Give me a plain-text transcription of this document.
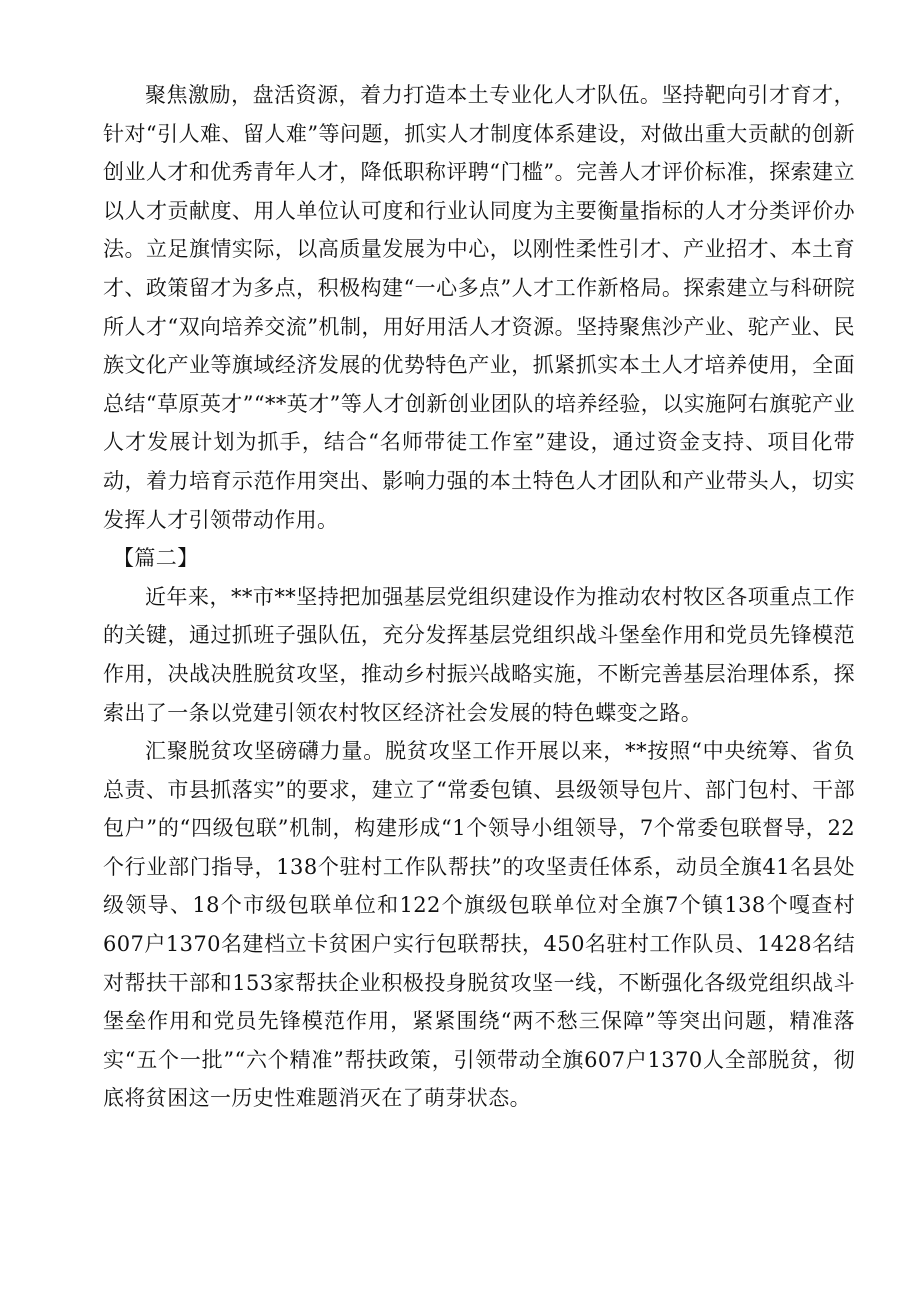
聚焦激励，盘活资源，着力打造本土专业化人才队伍。坚持靶向引才育才，针对“引人难、留人难”等问题，抓实人才制度体系建设，对做出重大贡献的创新创业人才和优秀青年人才，降低职称评聘“门槛”。完善人才评价标准，探索建立以人才贡献度、用人单位认可度和行业认同度为主要衡量指标的人才分类评价办法。立足旗情实际，以高质量发展为中心，以刚性柔性引才、产业招才、本土育才、政策留才为多点，积极构建“一心多点”人才工作新格局。探索建立与科研院所人才“双向培养交流”机制，用好用活人才资源。坚持聚焦沙产业、驼产业、民族文化产业等旗域经济发展的优势特色产业，抓紧抓实本土人才培养使用，全面总结“草原英才”“**英才”等人才创新创业团队的培养经验，以实施阿右旗驼产业人才发展计划为抓手，结合“名师带徒工作室”建设，通过资金支持、项目化带动，着力培育示范作用突出、影响力强的本土特色人才团队和产业带头人，切实发挥人才引领带动作用。

【篇二】

近年来，**市**坚持把加强基层党组织建设作为推动农村牧区各项重点工作的关键，通过抓班子强队伍，充分发挥基层党组织战斗堡垒作用和党员先锋模范作用，决战决胜脱贫攻坚，推动乡村振兴战略实施，不断完善基层治理体系，探索出了一条以党建引领农村牧区经济社会发展的特色蝶变之路。

汇聚脱贫攻坚磅礴力量。脱贫攻坚工作开展以来，**按照“中央统筹、省负总责、市县抓落实”的要求，建立了“常委包镇、县级领导包片、部门包村、干部包户”的“四级包联”机制，构建形成“1个领导小组领导，7个常委包联督导，22个行业部门指导，138个驻村工作队帮扶”的攻坚责任体系，动员全旗41名县处级领导、18个市级包联单位和122个旗级包联单位对全旗7个镇138个嘎查村607户1370名建档立卡贫困户实行包联帮扶，450名驻村工作队员、1428名结对帮扶干部和153家帮扶企业积极投身脱贫攻坚一线，不断强化各级党组织战斗堡垒作用和党员先锋模范作用，紧紧围绕“两不愁三保障”等突出问题，精准落实“五个一批”“六个精准”帮扶政策，引领带动全旗607户1370人全部脱贫，彻底将贫困这一历史性难题消灭在了萌芽状态。
